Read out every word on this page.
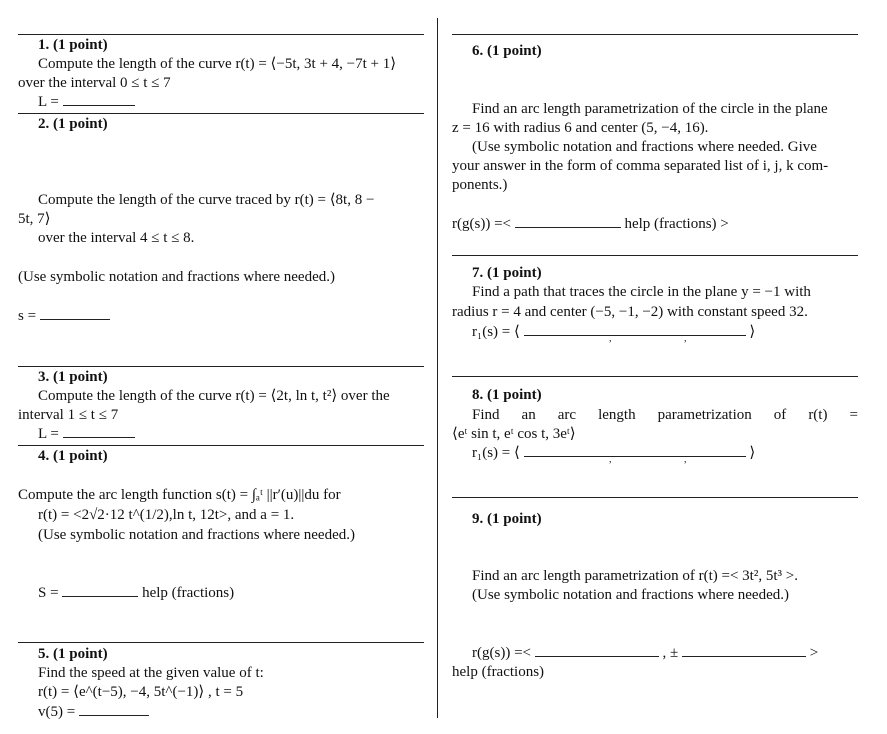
1. (1 point)
Compute the length of the curve r(t) = ⟨−5t, 3t + 4, −7t + 1⟩
over the interval 0 ≤ t ≤ 7
L =
2. (1 point)
Compute the length of the curve traced by r(t) = ⟨8t, 8 −
5t, 7⟩
over the interval 4 ≤ t ≤ 8.
(Use symbolic notation and fractions where needed.)
s =
3. (1 point)
Compute the length of the curve r(t) = ⟨2t, ln t, t²⟩ over the
interval 1 ≤ t ≤ 7
L =
4. (1 point)
Compute the arc length function s(t) = ∫ₐᵗ ||r′(u)||du for
r(t) = <2√2·12 t^(1/2),ln t, 12t>, and a = 1.
(Use symbolic notation and fractions where needed.)
S =	help (fractions)
5. (1 point)
Find the speed at the given value of t:
r(t) = ⟨e^(t−5), −4, 5t^(−1)⟩ , t = 5
v(5) =
6. (1 point)
Find an arc length parametrization of the circle in the plane
z = 16 with radius 6 and center (5, −4, 16).
(Use symbolic notation and fractions where needed. Give
your answer in the form of comma separated list of i, j, k com-
ponents.)
r(g(s)) =<	help (fractions) >
7. (1 point)
Find a path that traces the circle in the plane y = −1 with
radius r = 4 and center (−5, −1, −2) with constant speed 32.
r₁(s) = ⟨	⟩
,	,
8. (1 point)
Find an arc length parametrization of r(t) =
⟨eᵗ sin t, eᵗ cos t, 3eᵗ⟩
r₁(s) = ⟨	⟩
,	,
9. (1 point)
Find an arc length parametrization of r(t) =< 3t², 5t³ >.
(Use symbolic notation and fractions where needed.)
r(g(s)) =<	, ±	>
help (fractions)
